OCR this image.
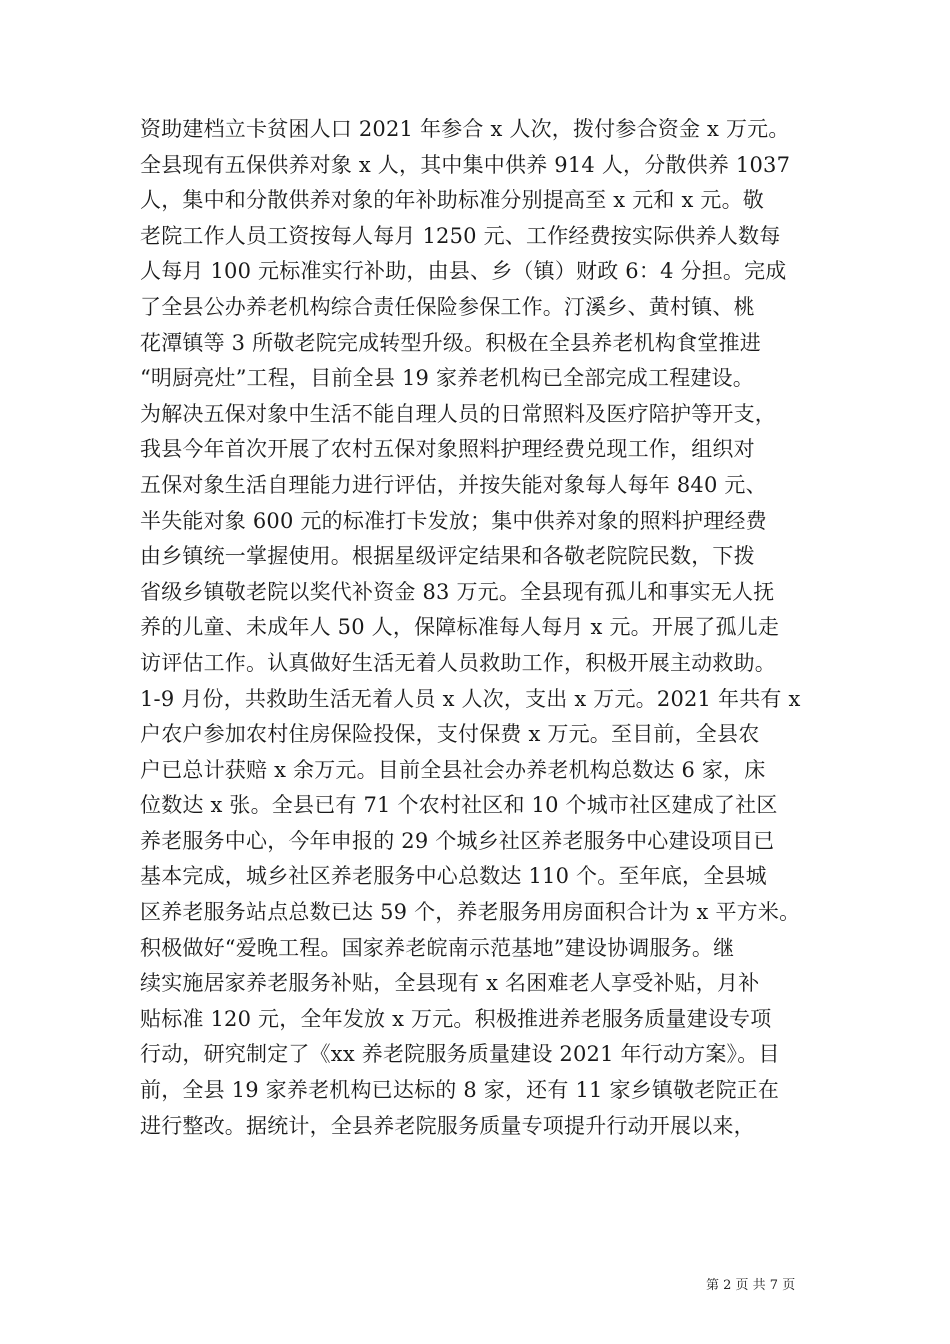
资助建档立卡贫困人口 2021 年参合 x 人次，拨付参合资金 x 万元。
全县现有五保供养对象 x 人，其中集中供养 914 人，分散供养 1037
人，集中和分散供养对象的年补助标准分别提高至 x 元和 x 元。敬
老院工作人员工资按每人每月 1250 元、工作经费按实际供养人数每
人每月 100 元标准实行补助，由县、乡（镇）财政 6：4 分担。完成
了全县公办养老机构综合责任保险参保工作。汀溪乡、黄村镇、桃
花潭镇等 3 所敬老院完成转型升级。积极在全县养老机构食堂推进
“明厨亮灶”工程，目前全县 19 家养老机构已全部完成工程建设。
为解决五保对象中生活不能自理人员的日常照料及医疗陪护等开支，
我县今年首次开展了农村五保对象照料护理经费兑现工作，组织对
五保对象生活自理能力进行评估，并按失能对象每人每年 840 元、
半失能对象 600 元的标准打卡发放；集中供养对象的照料护理经费
由乡镇统一掌握使用。根据星级评定结果和各敬老院院民数，下拨
省级乡镇敬老院以奖代补资金 83 万元。全县现有孤儿和事实无人抚
养的儿童、未成年人 50 人，保障标准每人每月 x 元。开展了孤儿走
访评估工作。认真做好生活无着人员救助工作，积极开展主动救助。
1-9 月份，共救助生活无着人员 x 人次，支出 x 万元。2021 年共有 x
户农户参加农村住房保险投保，支付保费 x 万元。至目前，全县农
户已总计获赔 x 余万元。目前全县社会办养老机构总数达 6 家，床
位数达 x 张。全县已有 71 个农村社区和 10 个城市社区建成了社区
养老服务中心，今年申报的 29 个城乡社区养老服务中心建设项目已
基本完成，城乡社区养老服务中心总数达 110 个。至年底，全县城
区养老服务站点总数已达 59 个，养老服务用房面积合计为 x 平方米。
积极做好“爱晚工程。国家养老皖南示范基地”建设协调服务。继
续实施居家养老服务补贴，全县现有 x 名困难老人享受补贴，月补
贴标准 120 元，全年发放 x 万元。积极推进养老服务质量建设专项
行动，研究制定了《xx 养老院服务质量建设 2021 年行动方案》。目
前，全县 19 家养老机构已达标的 8 家，还有 11 家乡镇敬老院正在
进行整改。据统计，全县养老院服务质量专项提升行动开展以来，
第 2 页 共 7 页
